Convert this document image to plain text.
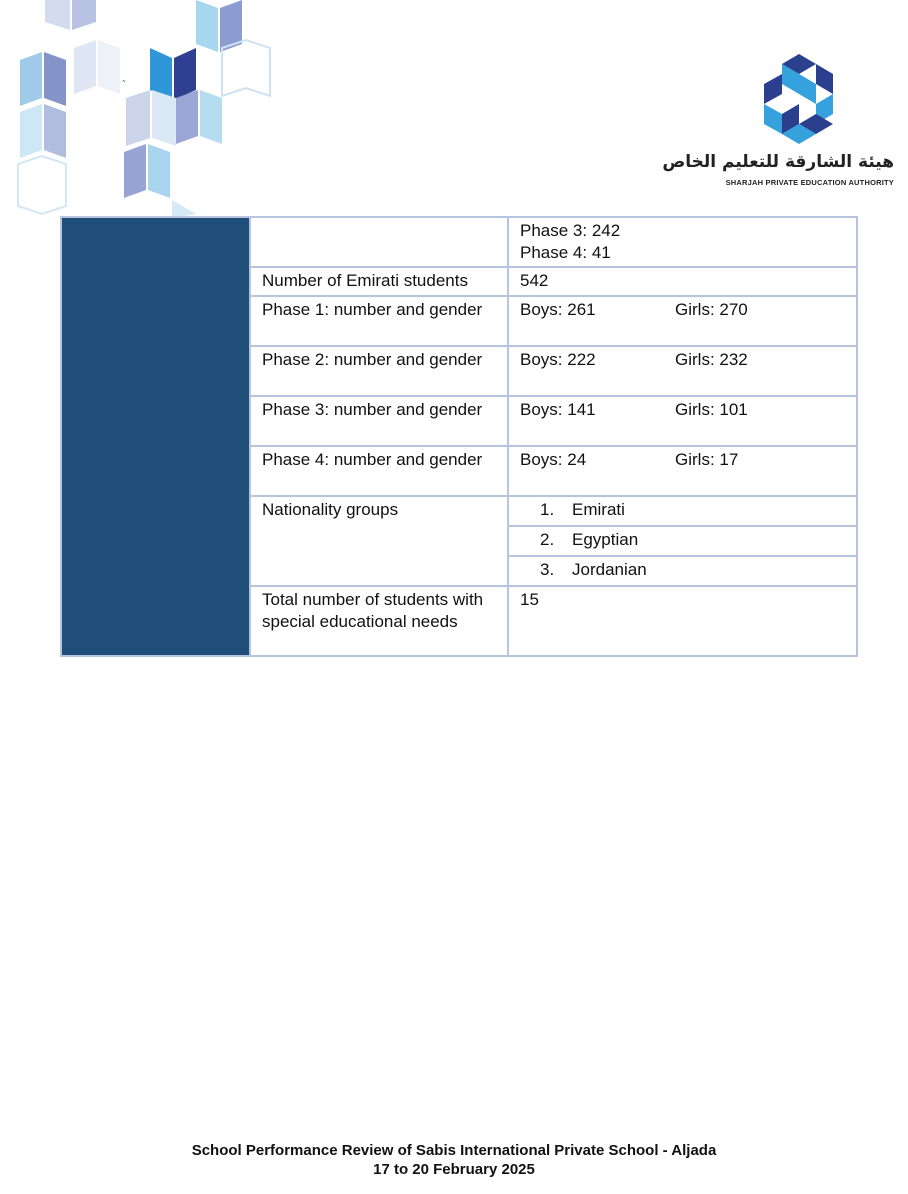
`
هيئة الشارقة للتعليم الخاص
SHARJAH PRIVATE EDUCATION AUTHORITY

		Phase 3: 242
Phase 4: 41

	Number of Emirati students	542
	Phase 1: number and gender	Boys: 261 Girls: 270

	Phase 2: number and gender	Boys: 222 Girls: 232

	Phase 3: number and gender	Boys: 141 Girls: 101

	Phase 4: number and gender	Boys: 24 Girls: 17

	Nationality groups	1. Emirati
		2. Egyptian
		3. Jordanian
	Total number of students with special educational needs	15
School Performance Review of Sabis International Private School - Aljada
17 to 20 February 2025
